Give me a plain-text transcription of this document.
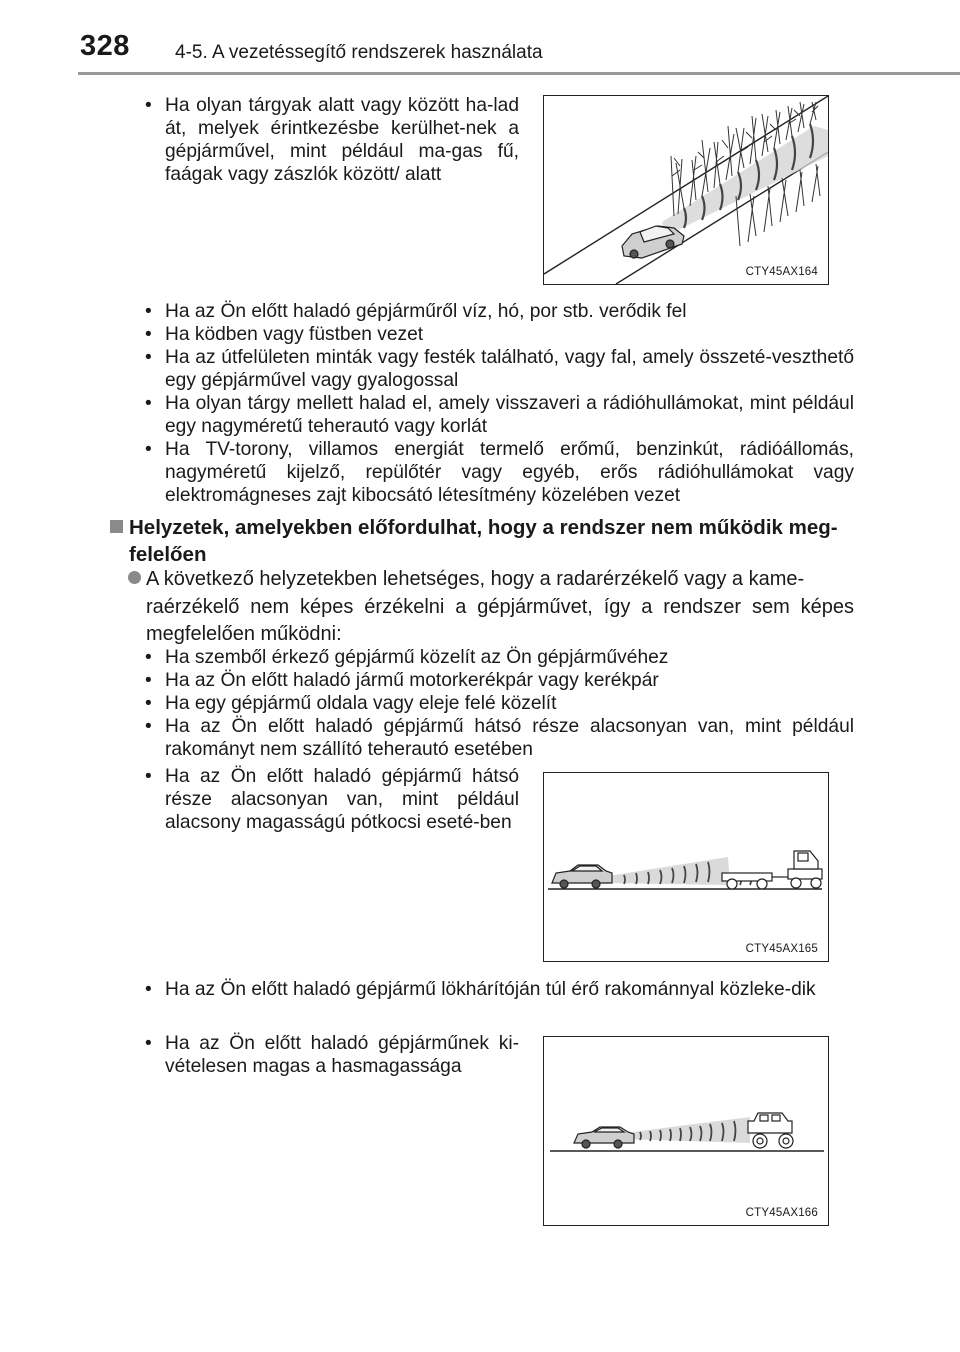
328 4-5. A vezetéssegítő rendszerek használata
• Ha olyan tárgyak alatt vagy között ha-lad át, melyek érintkezésbe kerülhet-nek a gépjárművel, mint például ma-gas fű, faágak vagy zászlók között/ alatt
CTY45AX164
• Ha az Ön előtt haladó gépjárműről víz, hó, por stb. verődik fel
• Ha ködben vagy füstben vezet
• Ha az útfelületen minták vagy festék található, vagy fal, amely összeté-veszthető egy gépjárművel vagy gyalogossal
• Ha olyan tárgy mellett halad el, amely visszaveri a rádióhullámokat, mint például egy nagyméretű teherautó vagy korlát
• Ha TV-torony, villamos energiát termelő erőmű, benzinkút, rádióállomás, nagyméretű kijelző, repülőtér vagy egyéb, erős rádióhullámokat vagy elektromágneses zajt kibocsátó létesítmény közelében vezet
Helyzetek, amelyekben előfordulhat, hogy a rendszer nem működik meg-
felelően
A következő helyzetekben lehetséges, hogy a radarérzékelő vagy a kame-
raérzékelő nem képes érzékelni a gépjárművet, így a rendszer sem képes megfelelően működni:
• Ha szemből érkező gépjármű közelít az Ön gépjárművéhez
• Ha az Ön előtt haladó jármű motorkerékpár vagy kerékpár
• Ha egy gépjármű oldala vagy eleje felé közelít
• Ha az Ön előtt haladó gépjármű hátsó része alacsonyan van, mint például rakományt nem szállító teherautó esetében
• Ha az Ön előtt haladó gépjármű hátsó része alacsonyan van, mint például alacsony magasságú pótkocsi eseté-ben
CTY45AX165
• Ha az Ön előtt haladó gépjármű lökhárítóján túl érő rakománnyal közleke-dik
• Ha az Ön előtt haladó gépjárműnek ki-vételesen magas a hasmagassága
CTY45AX166
